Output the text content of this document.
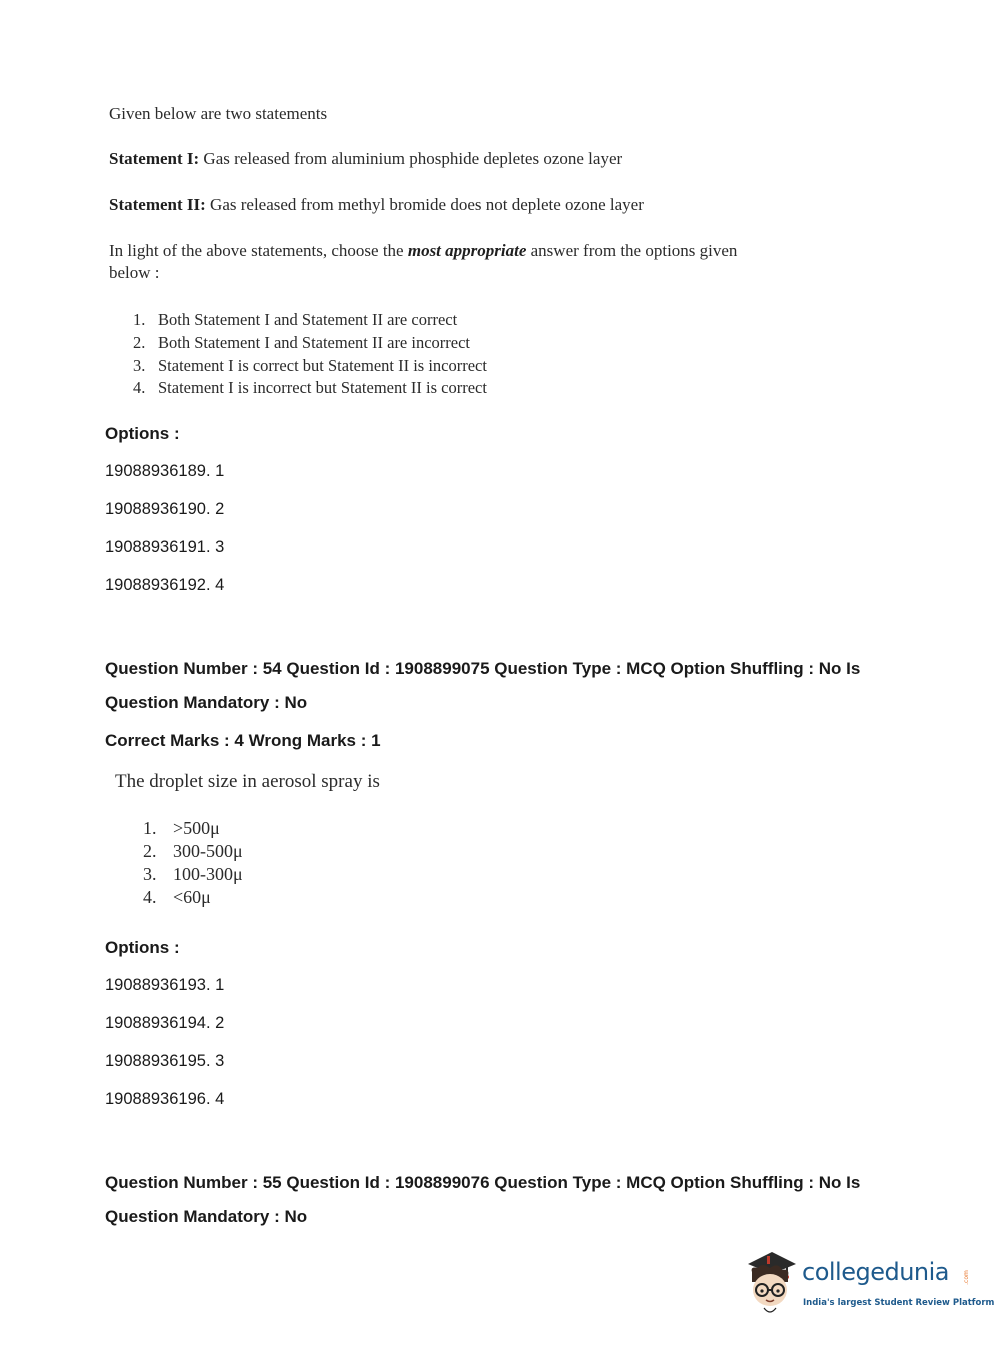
Given below are two statements

Statement I: Gas released from aluminium phosphide depletes ozone layer

Statement II: Gas released from methyl bromide does not deplete ozone layer

In light of the above statements, choose the most appropriate answer from the options given

below :

1. Both Statement I and Statement II are correct
2. Both Statement I and Statement II are incorrect
3. Statement I is correct but Statement II is incorrect
4. Statement I is incorrect but Statement II is correct

Options :

19088936189. 1

19088936190. 2

19088936191. 3

19088936192. 4

Question Number : 54 Question Id : 1908899075 Question Type : MCQ Option Shuffling : No Is

Question Mandatory : No

Correct Marks : 4 Wrong Marks : 1

The droplet size in aerosol spray is

1. >500μ
2. 300-500μ
3. 100-300μ
4. <60μ

Options :

19088936193. 1

19088936194. 2

19088936195. 3

19088936196. 4

Question Number : 55 Question Id : 1908899076 Question Type : MCQ Option Shuffling : No Is

Question Mandatory : No

collegedunia .com
India's largest Student Review Platform
